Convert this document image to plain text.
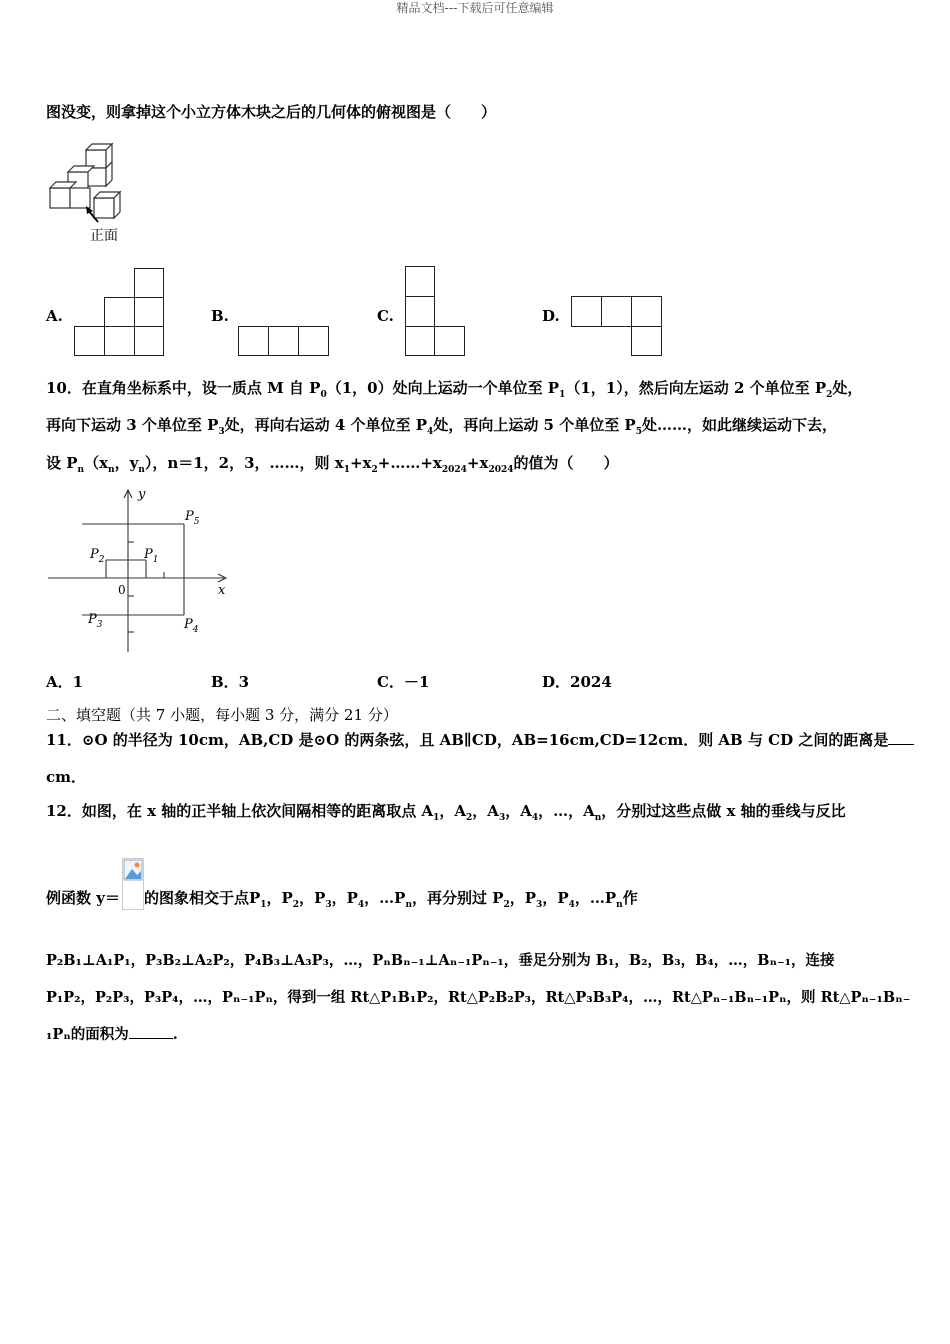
精品文档---下载后可任意编辑
图没变，则拿掉这个小立方体木块之后的几何体的俯视图是（　　）
正面
A.	B.	C.	D.
10．在直角坐标系中，设一质点 M 自 $P_0(1$，0）处向上运动一个单位至 $P_1(1$，1），然后向左运动 2 个单位至 $P_2$处，
再向下运动 3 个单位至 $P_3$处，再向右运动 4 个单位至 $P_4$处，再向上运动 5 个单位至 $P_5$处……，如此继续运动下去，
设 $P_n(x_n$，$y_n$），n＝1，2，3，……，则 $x_1+x_2+\dots\dots+x_{2024}+x_{2024}$的值为（　　）
y
x
0
$P_5$
$P_1$
$P_2$
$P_3$	$P_4$
A．1	B．3	C．－1	D．2024
二、填空题（共 7 小题，每小题 3 分，满分 21 分）
11．⊙O 的半径为 10cm，AB,CD 是⊙O 的两条弦，且 AB∥CD，AB=16cm,CD=12cm．则 AB 与 CD 之间的距离是
cm．
12．如图，在 x 轴的正半轴上依次间隔相等的距离取点 $A_1$，$A_2$，$A_3$，$A_4$，…，$A_n$，分别过这些点做 x 轴的垂线与反比
例函数 y＝ 的图象相交于点$P_1$，$P_2$，$P_3$，$P_4$，$\dots P_n$，再分别过 $P_2$，$P_3$，$P_4$，$\dots P_n$作
P₂B₁⊥A₁P₁，P₃B₂⊥A₂P₂，P₄B₃⊥A₃P₃，…，PₙBₙ₋₁⊥Aₙ₋₁Pₙ₋₁，垂足分别为 B₁，B₂，B₃，B₄，…，Bₙ₋₁，连接
P₁P₂，P₂P₃，P₃P₄，…，Pₙ₋₁Pₙ，得到一组 Rt△P₁B₁P₂，Rt△P₂B₂P₃，Rt△P₃B₃P₄，…，Rt△Pₙ₋₁Bₙ₋₁Pₙ，则 Rt△Pₙ₋₁Bₙ₋
₁Pₙ的面积为	.
